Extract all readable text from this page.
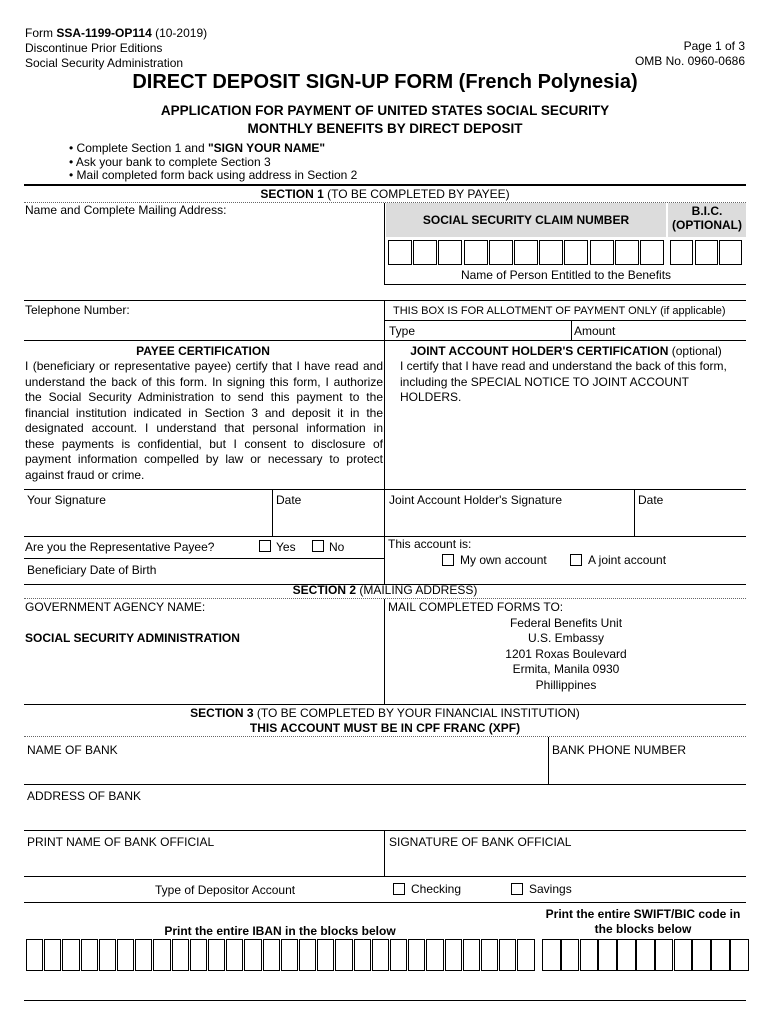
Form SSA-1199-OP114 (10-2019)
Discontinue Prior Editions
Social Security Administration
Page 1 of 3
OMB No. 0960-0686
DIRECT DEPOSIT SIGN-UP FORM (French Polynesia)
APPLICATION FOR PAYMENT OF UNITED STATES SOCIAL SECURITY
MONTHLY BENEFITS BY DIRECT DEPOSIT
• Complete Section 1 and "SIGN YOUR NAME"
• Ask your bank to complete Section 3
• Mail completed form back using address in Section 2
SECTION 1 (TO BE COMPLETED BY PAYEE)
Name and Complete Mailing Address:
SOCIAL SECURITY CLAIM NUMBER
B.I.C.
(OPTIONAL)
Name of Person Entitled to the Benefits
Telephone Number:	THIS BOX IS FOR ALLOTMENT OF PAYMENT ONLY (if applicable)
Type	Amount
PAYEE CERTIFICATION
I (beneficiary or representative payee) certify that I have read and understand the back of this form. In signing this form, I authorize the Social Security Administration to send this payment to the financial institution indicated in Section 3 and deposit it in the designated account. I understand that personal information in these payments is confidential, but I consent to disclosure of payment information compelled by law or necessary to protect against fraud or crime.
JOINT ACCOUNT HOLDER'S CERTIFICATION (optional)
I certify that I have read and understand the back of this form, including the SPECIAL NOTICE TO JOINT ACCOUNT HOLDERS.
Your Signature	Date	Joint Account Holder's Signature	Date
Are you the Representative Payee?	Yes	No
Beneficiary Date of Birth
This account is:
My own account	A joint account
SECTION 2 (MAILING ADDRESS)
GOVERNMENT AGENCY NAME:
SOCIAL SECURITY ADMINISTRATION
MAIL COMPLETED FORMS TO:
Federal Benefits Unit
U.S. Embassy
1201 Roxas Boulevard
Ermita, Manila 0930
Phillippines
SECTION 3 (TO BE COMPLETED BY YOUR FINANCIAL INSTITUTION)
THIS ACCOUNT MUST BE IN CPF FRANC (XPF)
NAME OF BANK	BANK PHONE NUMBER
ADDRESS OF BANK
PRINT NAME OF BANK OFFICIAL	SIGNATURE OF BANK OFFICIAL
Type of Depositor Account	Checking	Savings
Print the entire IBAN in the blocks below
Print the entire SWIFT/BIC code in
the blocks below
